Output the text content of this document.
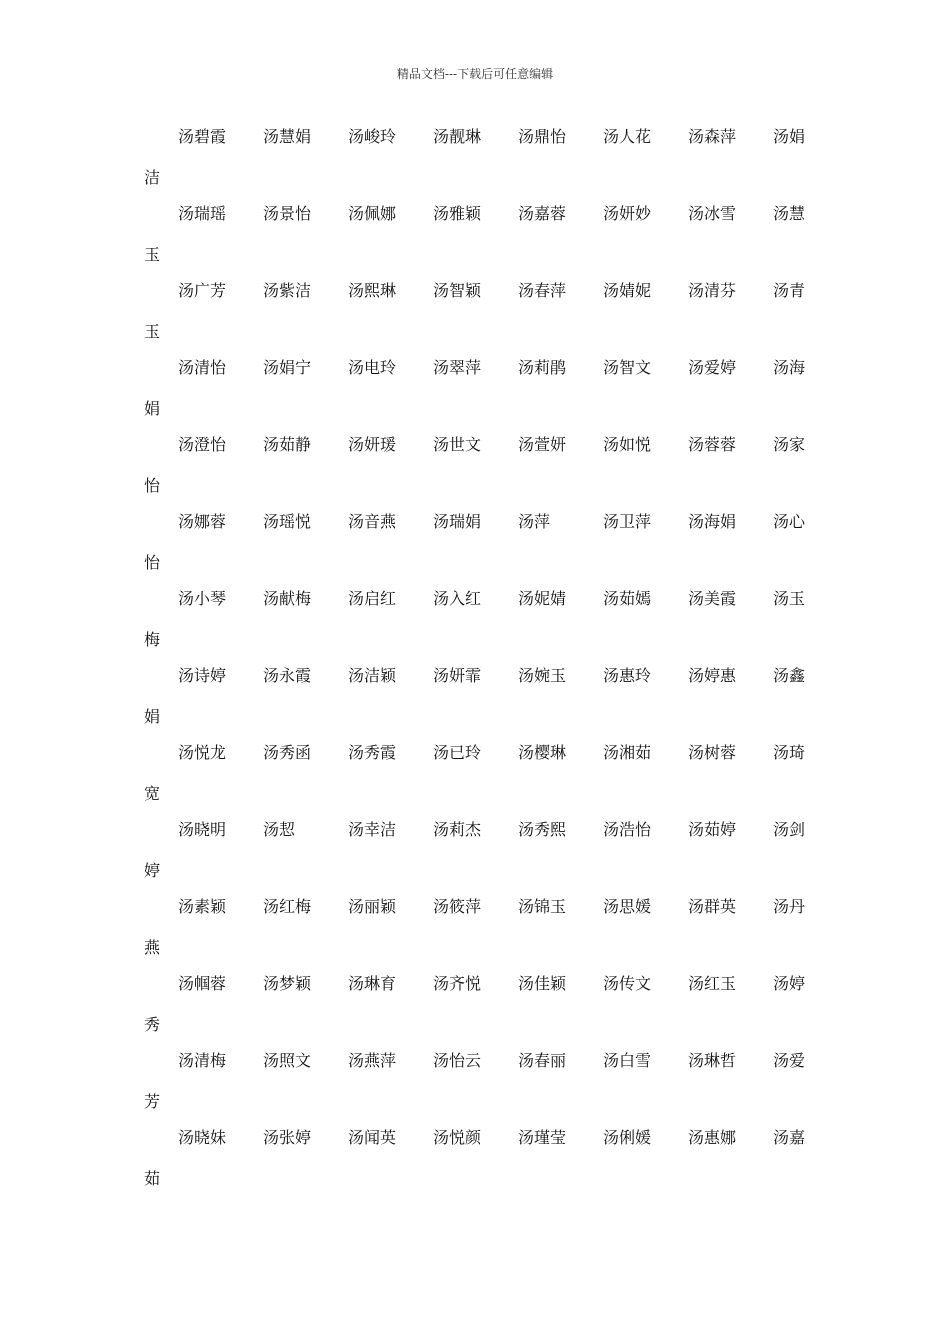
精品文档---下载后可任意编辑
汤碧霞 汤慧娟 汤峻玲 汤靓琳 汤鼎怡 汤人花 汤森萍 汤娟
洁
汤瑞瑶 汤景怡 汤佩娜 汤雅颖 汤嘉蓉 汤妍妙 汤冰雪 汤慧
玉
汤广芳 汤紫洁 汤熙琳 汤智颖 汤春萍 汤婧妮 汤清芬 汤青
玉
汤清怡 汤娟宁 汤电玲 汤翠萍 汤莉鹃 汤智文 汤爱婷 汤海
娟
汤澄怡 汤茹静 汤妍瑗 汤世文 汤萱妍 汤如悦 汤蓉蓉 汤家
怡
汤娜蓉 汤瑶悦 汤音燕 汤瑞娟 汤萍	汤卫萍 汤海娟 汤心
怡
汤小琴 汤献梅 汤启红 汤入红 汤妮婧 汤茹嫣 汤美霞 汤玉
梅
汤诗婷 汤永霞 汤洁颖 汤妍霏 汤婉玉 汤惠玲 汤婷惠 汤鑫
娟
汤悦龙 汤秀函 汤秀霞 汤已玲 汤樱琳 汤湘茹 汤树蓉 汤琦
宽
汤晓明 汤恝	汤幸洁 汤莉杰 汤秀熙 汤浩怡 汤茹婷 汤剑
婷
汤素颖 汤红梅 汤丽颖 汤筱萍 汤锦玉 汤思媛 汤群英 汤丹
燕
汤帼蓉 汤梦颖 汤琳育 汤齐悦 汤佳颖 汤传文 汤红玉 汤婷
秀
汤清梅 汤照文 汤燕萍 汤怡云 汤春丽 汤白雪 汤琳哲 汤爱
芳
汤晓妹 汤张婷 汤闻英 汤悦颜 汤瑾莹 汤俐媛 汤惠娜 汤嘉
茹
